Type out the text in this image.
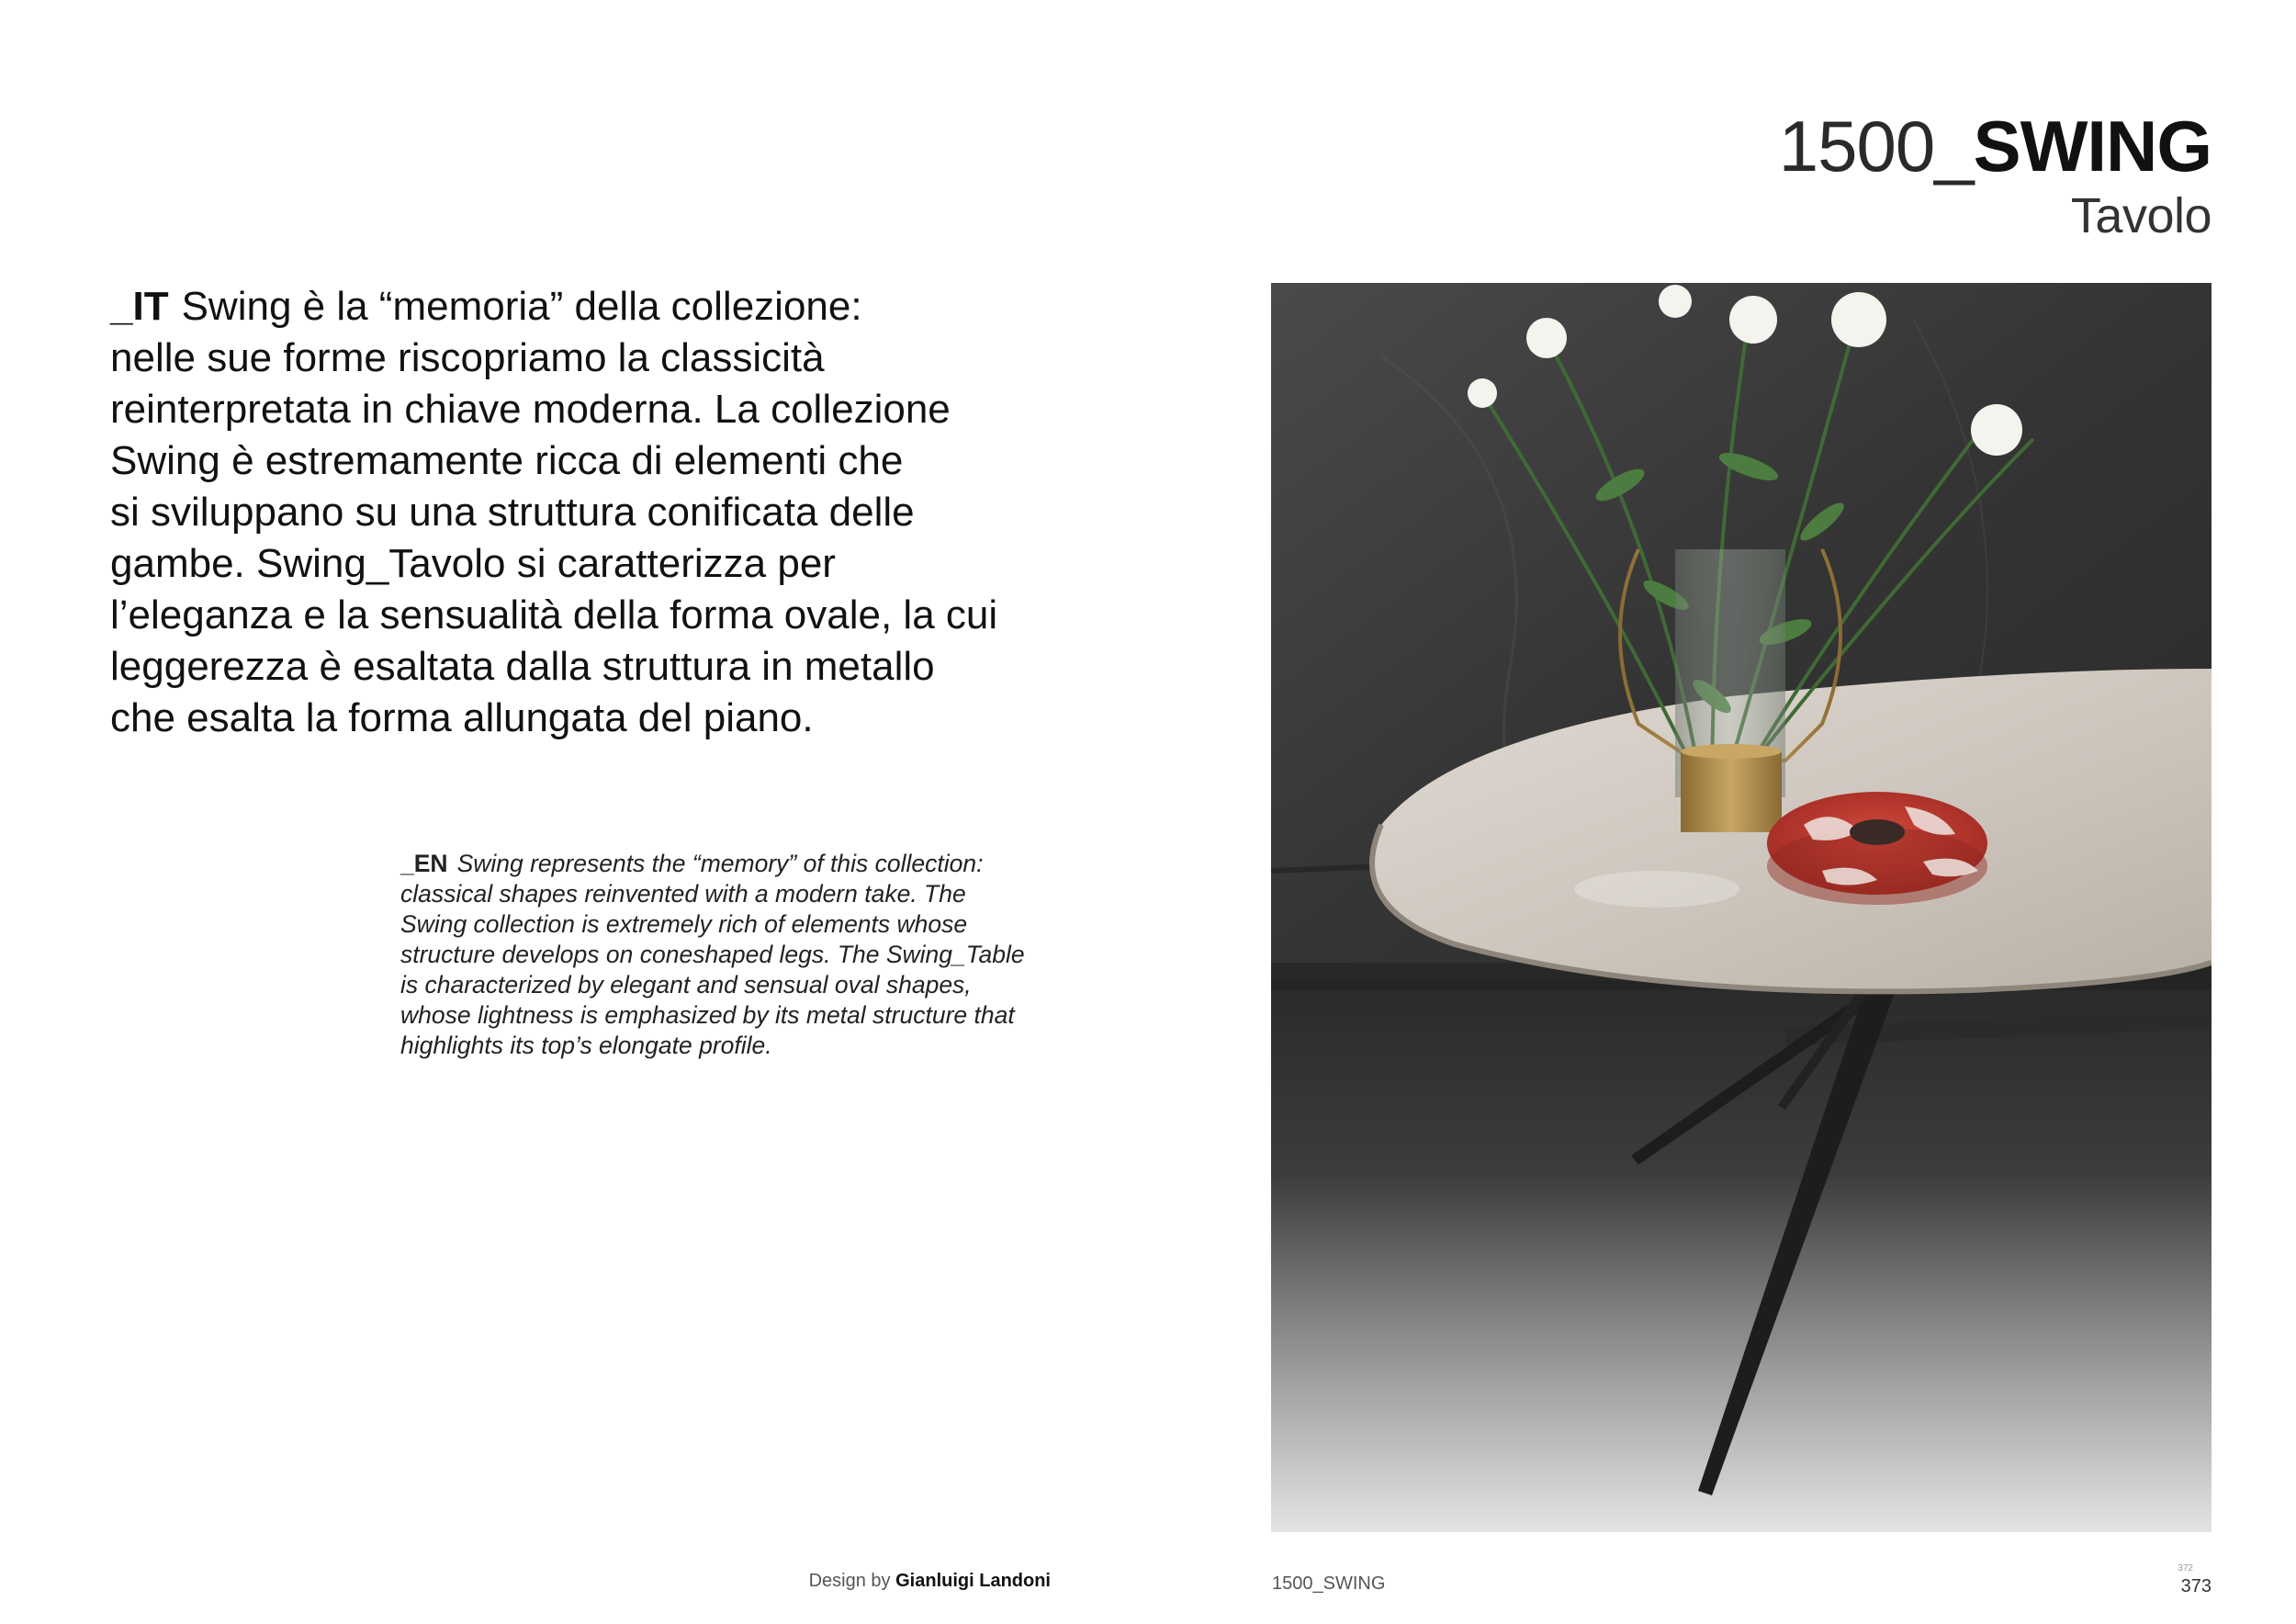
1500_SWING
Tavolo
_IT Swing è la “memoria” della collezione:
nelle sue forme riscopriamo la classicità
reinterpretata in chiave moderna. La collezione
Swing è estremamente ricca di elementi che
si sviluppano su una struttura conificata delle
gambe. Swing_Tavolo si caratterizza per
l’eleganza e la sensualità della forma ovale, la cui
leggerezza è esaltata dalla struttura in metallo
che esalta la forma allungata del piano.
_EN Swing represents the “memory” of this collection:
classical shapes reinvented with a modern take. The
Swing collection is extremely rich of elements whose
structure develops on coneshaped legs. The Swing_Table
is characterized by elegant and sensual oval shapes,
whose lightness is emphasized by its metal structure that
highlights its top’s elongate profile.
Design by Gianluigi Landoni	1500_SWING
372
373
